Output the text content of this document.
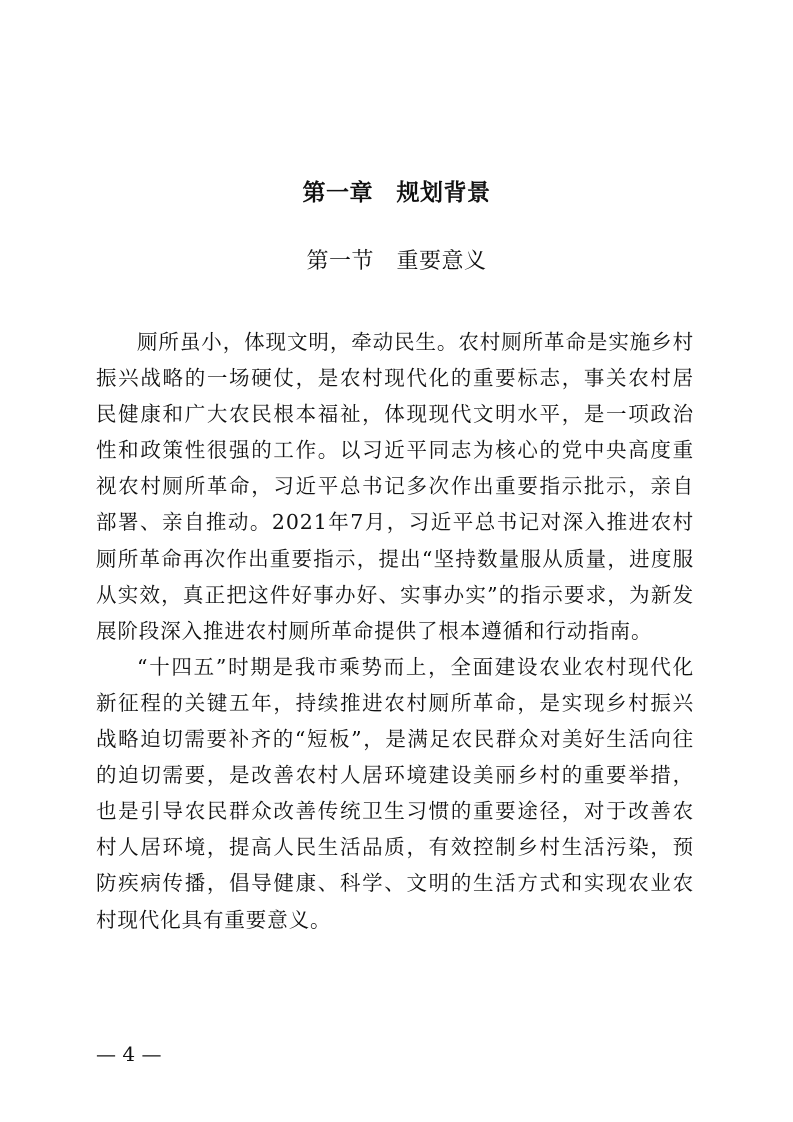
第一章　规划背景
第一节　重要意义

厕所虽小，体现文明，牵动民生。农村厕所革命是实施乡村振兴战略的一场硬仗，是农村现代化的重要标志，事关农村居民健康和广大农民根本福祉，体现现代文明水平，是一项政治性和政策性很强的工作。以习近平同志为核心的党中央高度重视农村厕所革命，习近平总书记多次作出重要指示批示，亲自部署、亲自推动。2021年7月，习近平总书记对深入推进农村厕所革命再次作出重要指示，提出“坚持数量服从质量，进度服从实效，真正把这件好事办好、实事办实”的指示要求，为新发展阶段深入推进农村厕所革命提供了根本遵循和行动指南。

“十四五”时期是我市乘势而上，全面建设农业农村现代化新征程的关键五年，持续推进农村厕所革命，是实现乡村振兴战略迫切需要补齐的“短板”，是满足农民群众对美好生活向往的迫切需要，是改善农村人居环境建设美丽乡村的重要举措，也是引导农民群众改善传统卫生习惯的重要途径，对于改善农村人居环境，提高人民生活品质，有效控制乡村生活污染，预防疾病传播，倡导健康、科学、文明的生活方式和实现农业农村现代化具有重要意义。

— 4 —
